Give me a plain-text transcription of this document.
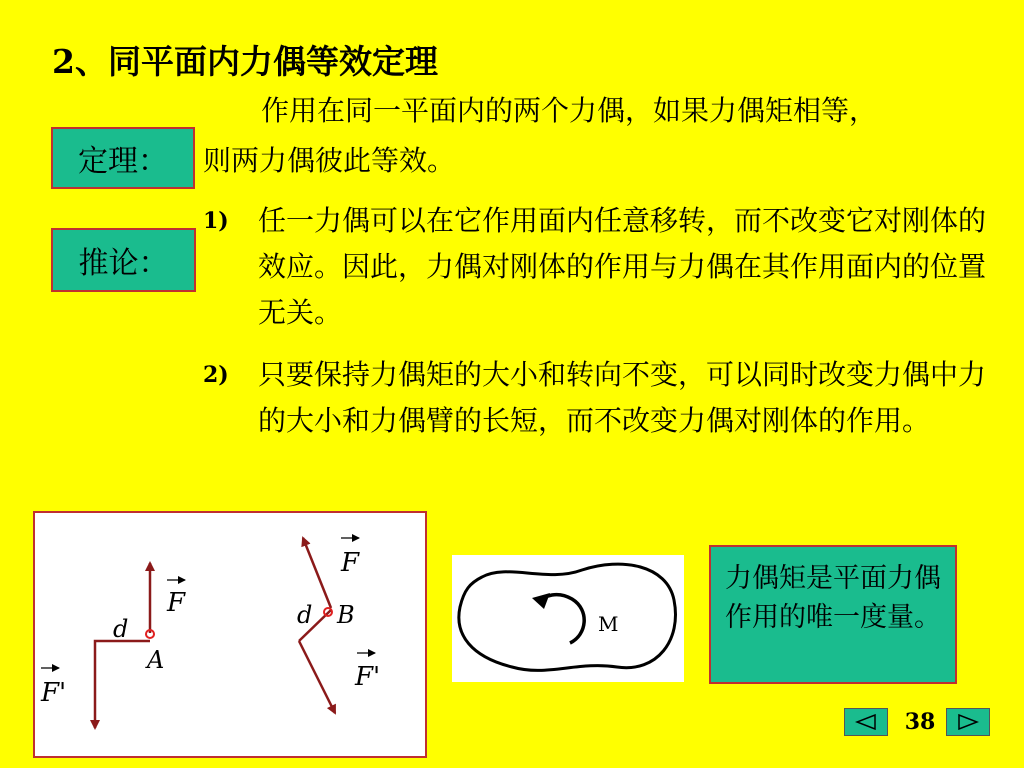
2、同平面内力偶等效定理
定理：
作用在同一平面内的两个力偶，如果力偶矩相等，
则两力偶彼此等效。
推论：
1) 任一力偶可以在它作用面内任意移转，而不改变它对刚体的效应。因此，力偶对刚体的作用与力偶在其作用面内的位置无关。
2) 只要保持力偶矩的大小和转向不变，可以同时改变力偶中力的大小和力偶臂的长短，而不改变力偶对刚体的作用。
F
d
A
F'
F
d B
F'
M
力偶矩是平面力偶作用的唯一度量。
38
